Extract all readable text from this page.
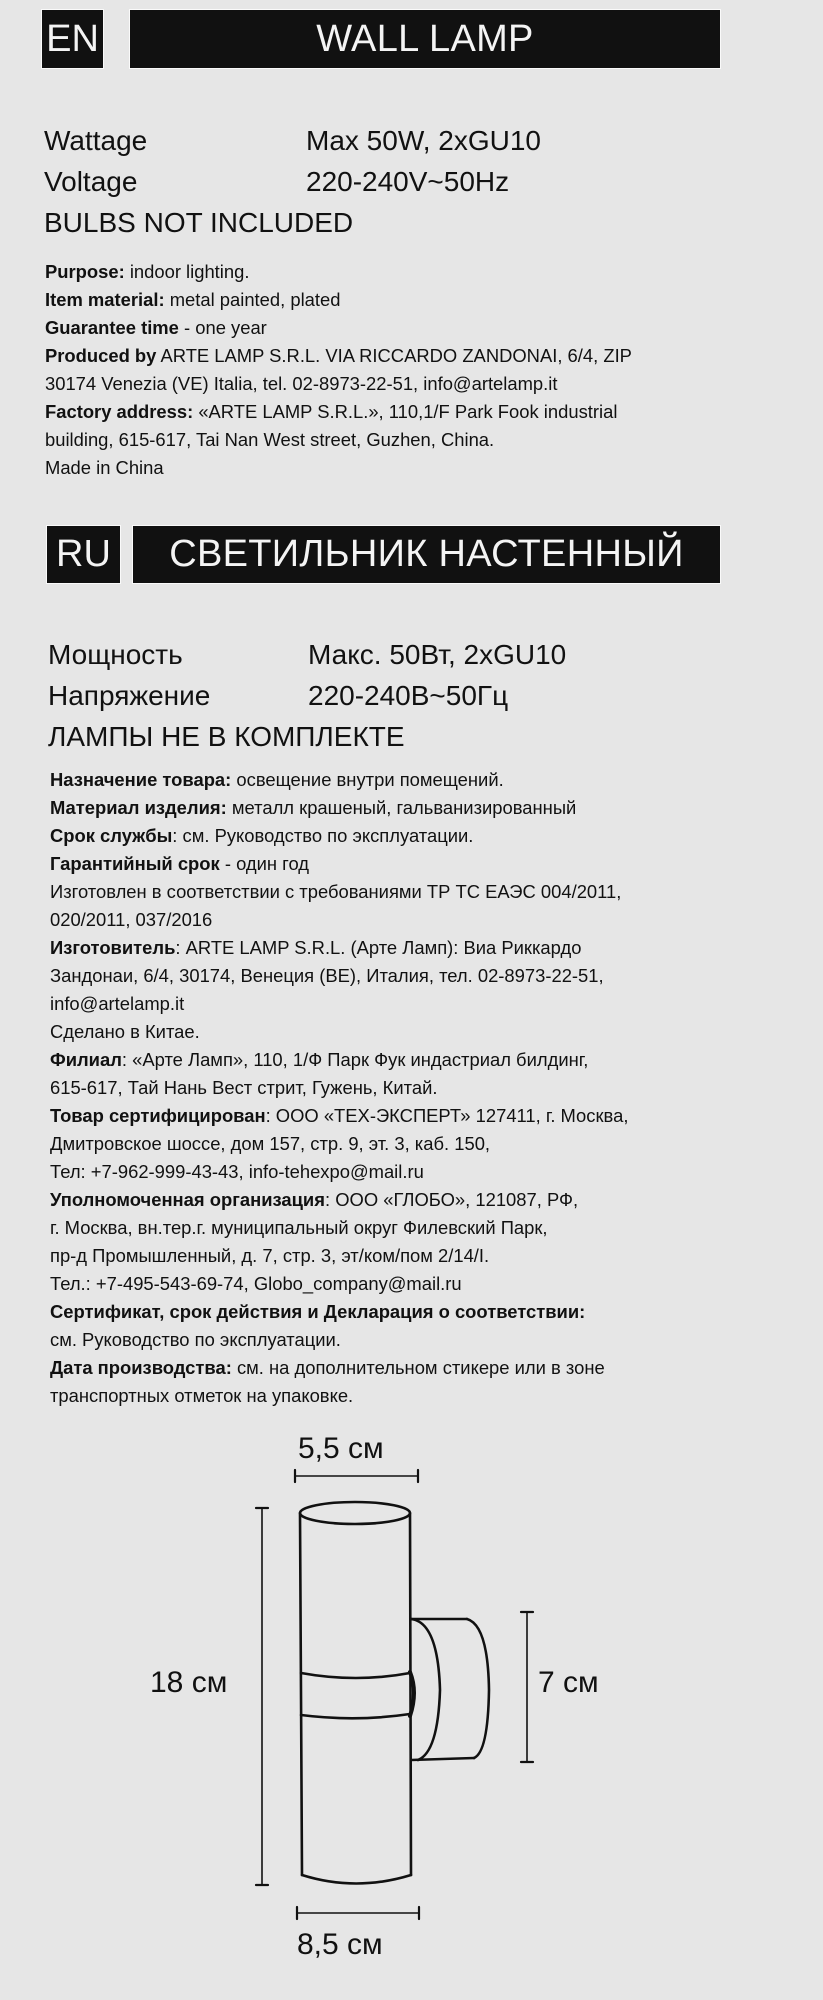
EN	WALL LAMP
Wattage	Max 50W, 2xGU10
Voltage	220-240V~50Hz
BULBS NOT INCLUDED
Purpose: indoor lighting.
Item material: metal painted, plated
Guarantee time - one year
Produced by ARTE LAMP S.R.L. VIA RICCARDO ZANDONAI, 6/4, ZIP
30174 Venezia (VE) Italia, tel. 02-8973-22-51, info@artelamp.it
Factory address: «ARTE LAMP S.R.L.», 110,1/F Park Fook industrial
building, 615-617, Tai Nan West street, Guzhen, China.
Made in China
RU СВЕТИЛЬНИК НАСТЕННЫЙ
Мощность	Макс. 50Вт, 2xGU10
Напряжение	220-240В~50Гц
ЛАМПЫ НЕ В КОМПЛЕКТЕ
Назначение товара: освещение внутри помещений.
Материал изделия: металл крашеный, гальванизированный
Срок службы: см. Руководство по эксплуатации.
Гарантийный срок - один год
Изготовлен в соответствии с требованиями ТР ТС ЕАЭС 004/2011,
020/2011, 037/2016
Изготовитель: ARTE LAMP S.R.L. (Арте Ламп): Виа Риккардо
Зандонаи, 6/4, 30174, Венеция (ВЕ), Италия, тел. 02-8973-22-51,
info@artelamp.it
Сделано в Китае.
Филиал: «Арте Ламп», 110, 1/Ф Парк Фук индастриал билдинг,
615-617, Тай Нань Вест стрит, Гужень, Китай.
Товар сертифицирован: ООО «ТЕХ-ЭКСПЕРТ» 127411, г. Москва,
Дмитровское шоссе, дом 157, стр. 9, эт. 3, каб. 150,
Тел: +7-962-999-43-43, info-tehexpo@mail.ru
Уполномоченная организация: ООО «ГЛОБО», 121087, РФ,
г. Москва, вн.тер.г. муниципальный округ Филевский Парк,
пр-д Промышленный, д. 7, стр. 3, эт/ком/пом 2/14/I.
Тел.: +7-495-543-69-74, Globo_company@mail.ru
Сертификат, срок действия и Декларация о соответствии:
см. Руководство по эксплуатации.
Дата производства: см. на дополнительном стикере или в зоне
транспортных отметок на упаковке.
5,5 см
18 см	7 см
8,5 см
